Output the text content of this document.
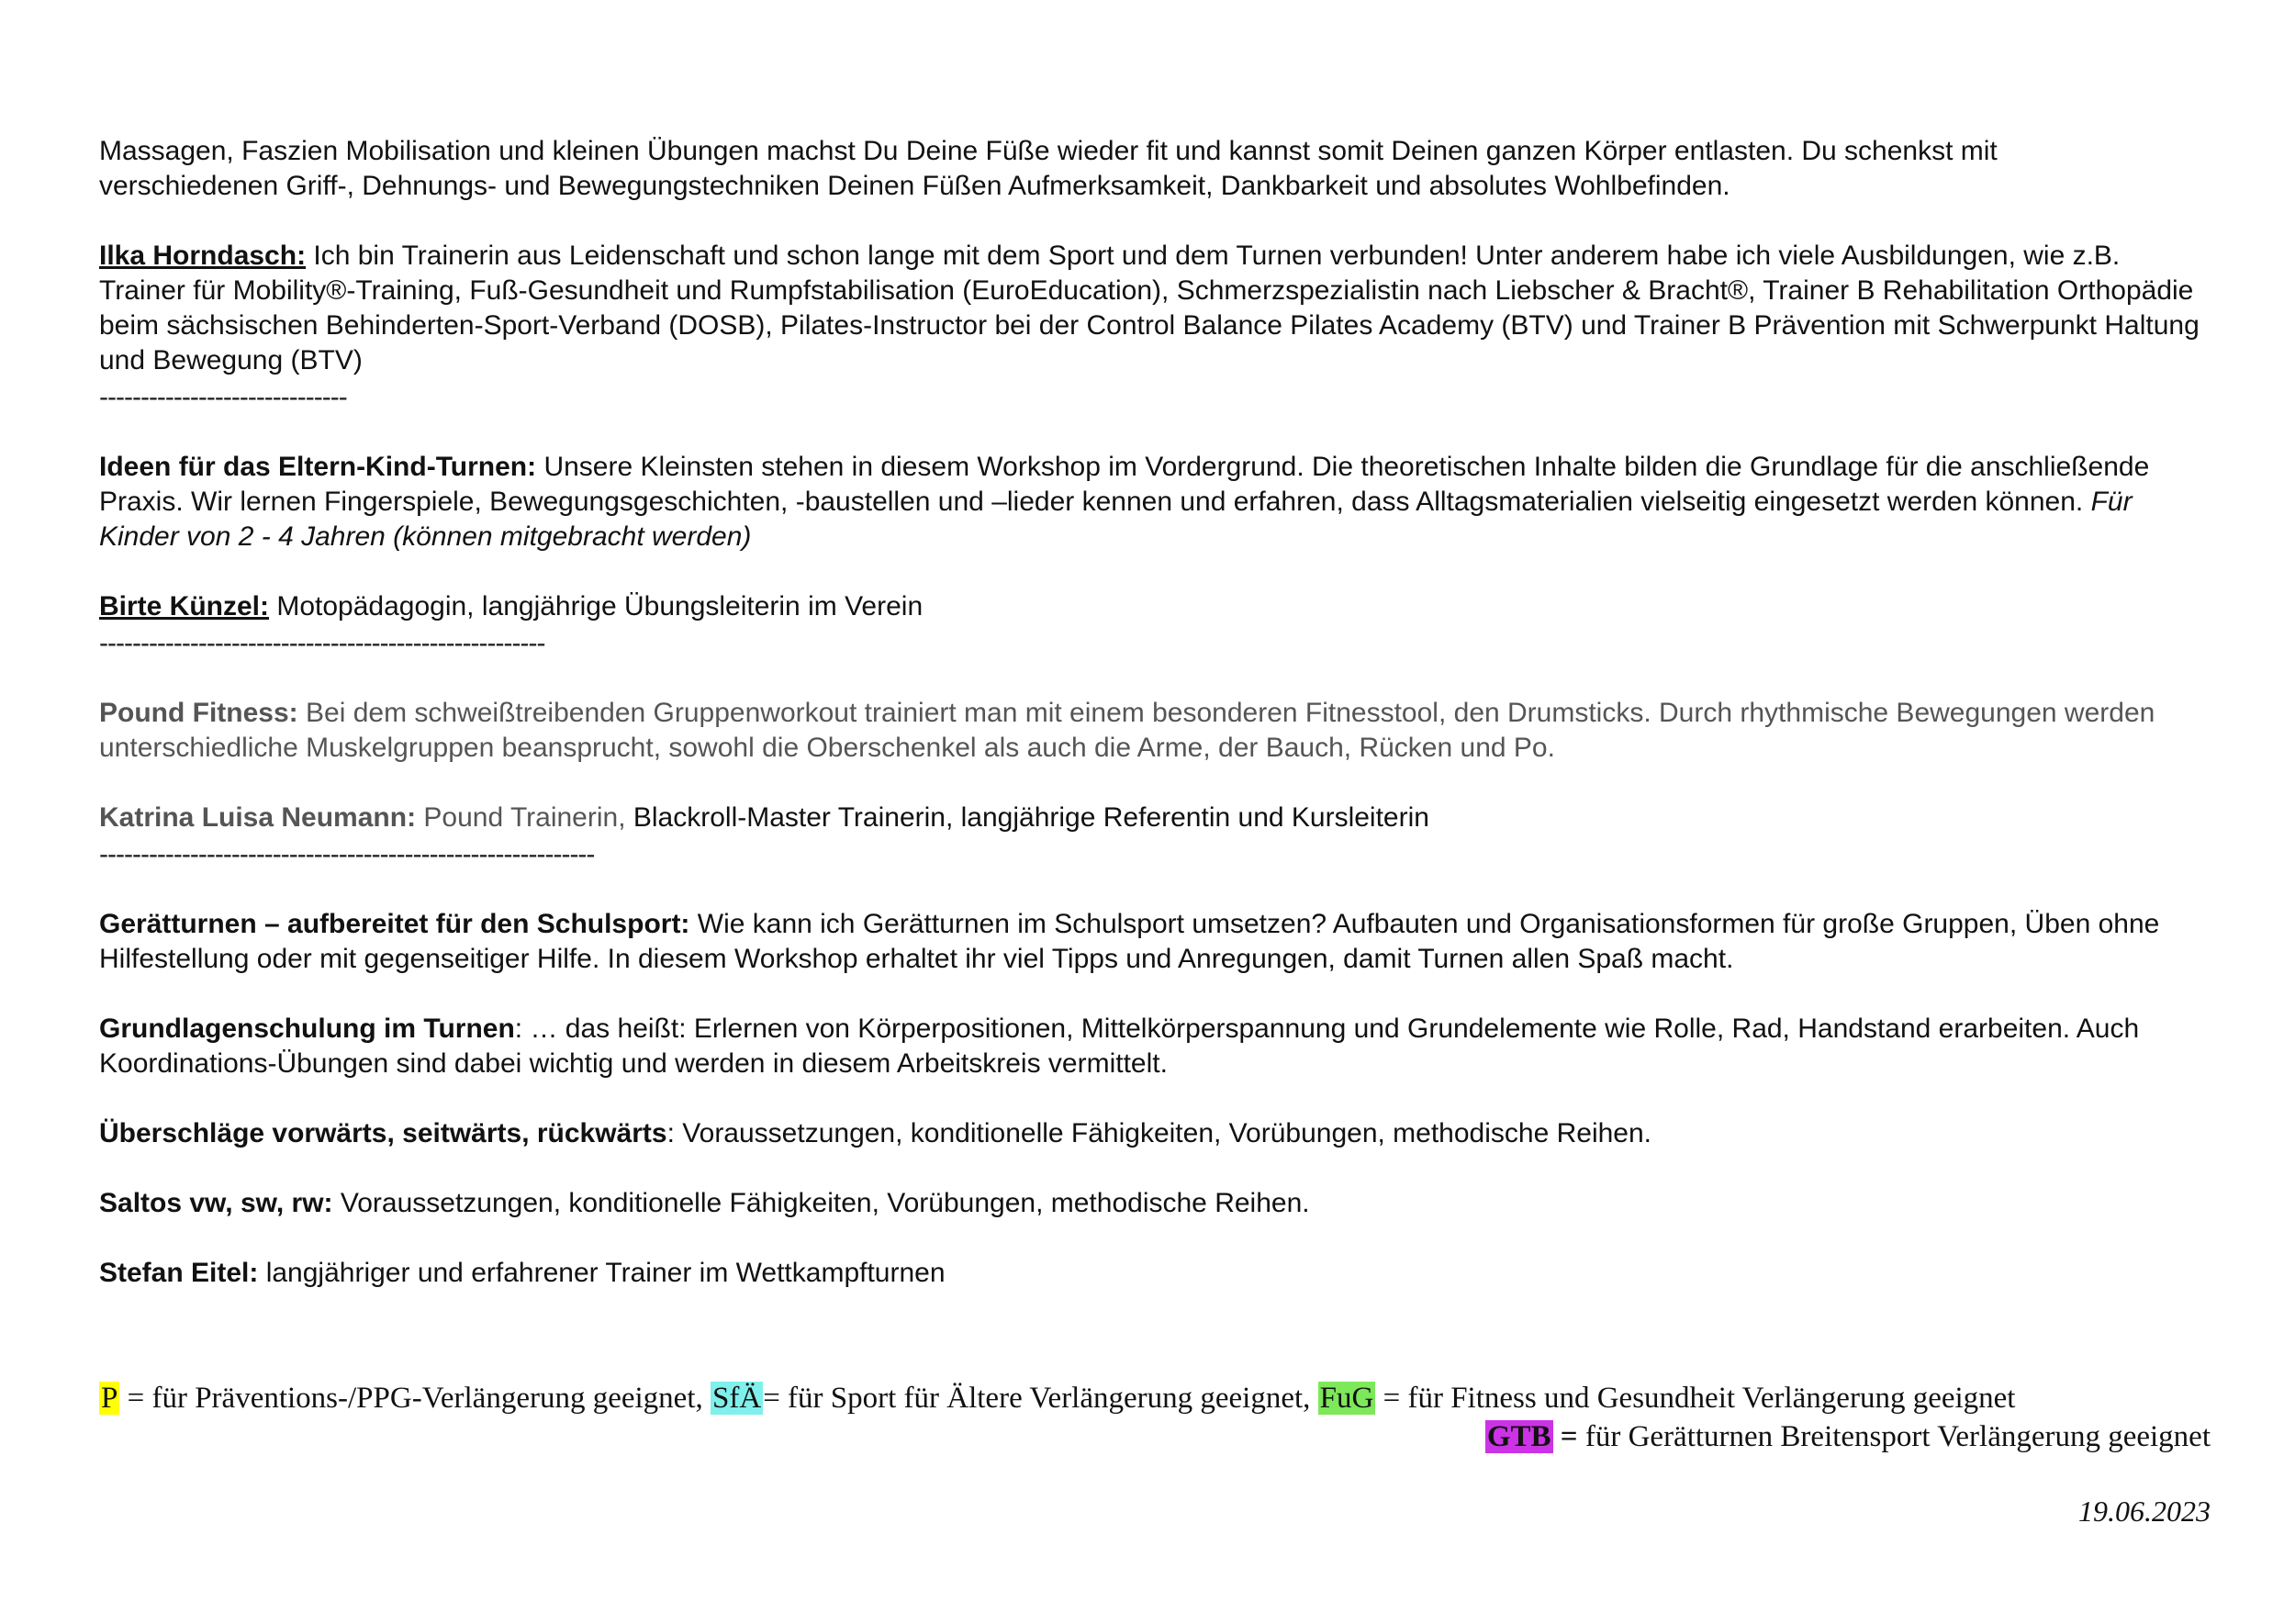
Massagen, Faszien Mobilisation und kleinen Übungen machst Du Deine Füße wieder fit und kannst somit Deinen ganzen Körper entlasten. Du schenkst mit
verschiedenen Griff-, Dehnungs- und Bewegungstechniken Deinen Füßen Aufmerksamkeit, Dankbarkeit und absolutes Wohlbefinden.

Ilka Horndasch: Ich bin Trainerin aus Leidenschaft und schon lange mit dem Sport und dem Turnen verbunden! Unter anderem habe ich viele Ausbildungen, wie z.B. Trainer für Mobility®-Training, Fuß-Gesundheit und Rumpfstabilisation (EuroEducation), Schmerzspezialistin nach Liebscher & Bracht®, Trainer B Rehabilitation Orthopädie beim sächsischen Behinderten-Sport-Verband (DOSB), Pilates-Instructor bei der Control Balance Pilates Academy (BTV) und Trainer B Prävention mit Schwerpunkt Haltung und Bewegung (BTV)

------------------------------

Ideen für das Eltern-Kind-Turnen: Unsere Kleinsten stehen in diesem Workshop im Vordergrund. Die theoretischen Inhalte bilden die Grundlage für die anschließende Praxis. Wir lernen Fingerspiele, Bewegungsgeschichten, -baustellen und –lieder kennen und erfahren, dass Alltagsmaterialien vielseitig eingesetzt werden können. Für Kinder von 2 - 4 Jahren (können mitgebracht werden)

Birte Künzel: Motopädagogin, langjährige Übungsleiterin im Verein

------------------------------------------------------

Pound Fitness: Bei dem schweißtreibenden Gruppenworkout trainiert man mit einem besonderen Fitnesstool, den Drumsticks. Durch rhythmische Bewegungen werden unterschiedliche Muskelgruppen beansprucht, sowohl die Oberschenkel als auch die Arme, der Bauch, Rücken und Po.

Katrina Luisa Neumann: Pound Trainerin, Blackroll-Master Trainerin, langjährige Referentin und Kursleiterin

------------------------------------------------------------

Gerätturnen – aufbereitet für den Schulsport: Wie kann ich Gerätturnen im Schulsport umsetzen? Aufbauten und Organisationsformen für große Gruppen, Üben ohne Hilfestellung oder mit gegenseitiger Hilfe. In diesem Workshop erhaltet ihr viel Tipps und Anregungen, damit Turnen allen Spaß macht.

Grundlagenschulung im Turnen: … das heißt: Erlernen von Körperpositionen, Mittelkörperspannung und Grundelemente wie Rolle, Rad, Handstand erarbeiten. Auch Koordinations-Übungen sind dabei wichtig und werden in diesem Arbeitskreis vermittelt.

Überschläge vorwärts, seitwärts, rückwärts: Voraussetzungen, konditionelle Fähigkeiten, Vorübungen, methodische Reihen.

Saltos vw, sw, rw: Voraussetzungen, konditionelle Fähigkeiten, Vorübungen, methodische Reihen.

Stefan Eitel: langjähriger und erfahrener Trainer im Wettkampfturnen

P = für Präventions-/PPG-Verlängerung geeignet, SfÄ= für Sport für Ältere Verlängerung geeignet, FuG = für Fitness und Gesundheit Verlängerung geeignet
GTB = für Gerätturnen Breitensport Verlängerung geeignet
19.06.2023
